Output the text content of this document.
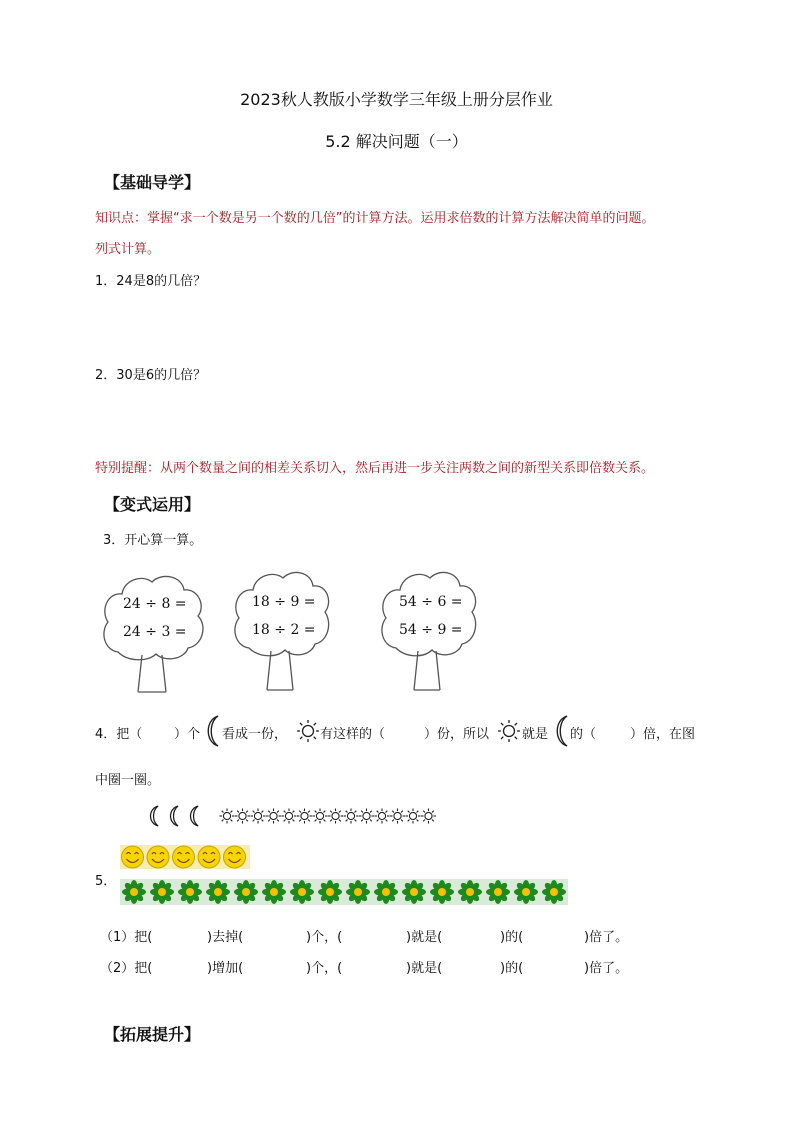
2023秋人教版小学数学三年级上册分层作业
5.2 解决问题（一）
【基础导学】
知识点：掌握“求一个数是另一个数的几倍”的计算方法。运用求倍数的计算方法解决简单的问题。
列式计算。
1．24是8的几倍？
2．30是6的几倍？
特别提醒：从两个数量之间的相差关系切入，然后再进一步关注两数之间的新型关系即倍数关系。
【变式运用】
3．开心算一算。
24 ÷ 8 =
24 ÷ 3 =
18 ÷ 9 =
18 ÷ 2 =
54 ÷ 6 =
54 ÷ 9 =
4．把（ ）个 看成一份，	有这样的（	）份，所以	就是 的（	）倍，在图
中圈一圈。
5．
（1）把(	)去掉(	)个，(	)就是(	)的(	)倍了。
（2）把(	)增加(	)个，(	)就是(	)的(	)倍了。
【拓展提升】
